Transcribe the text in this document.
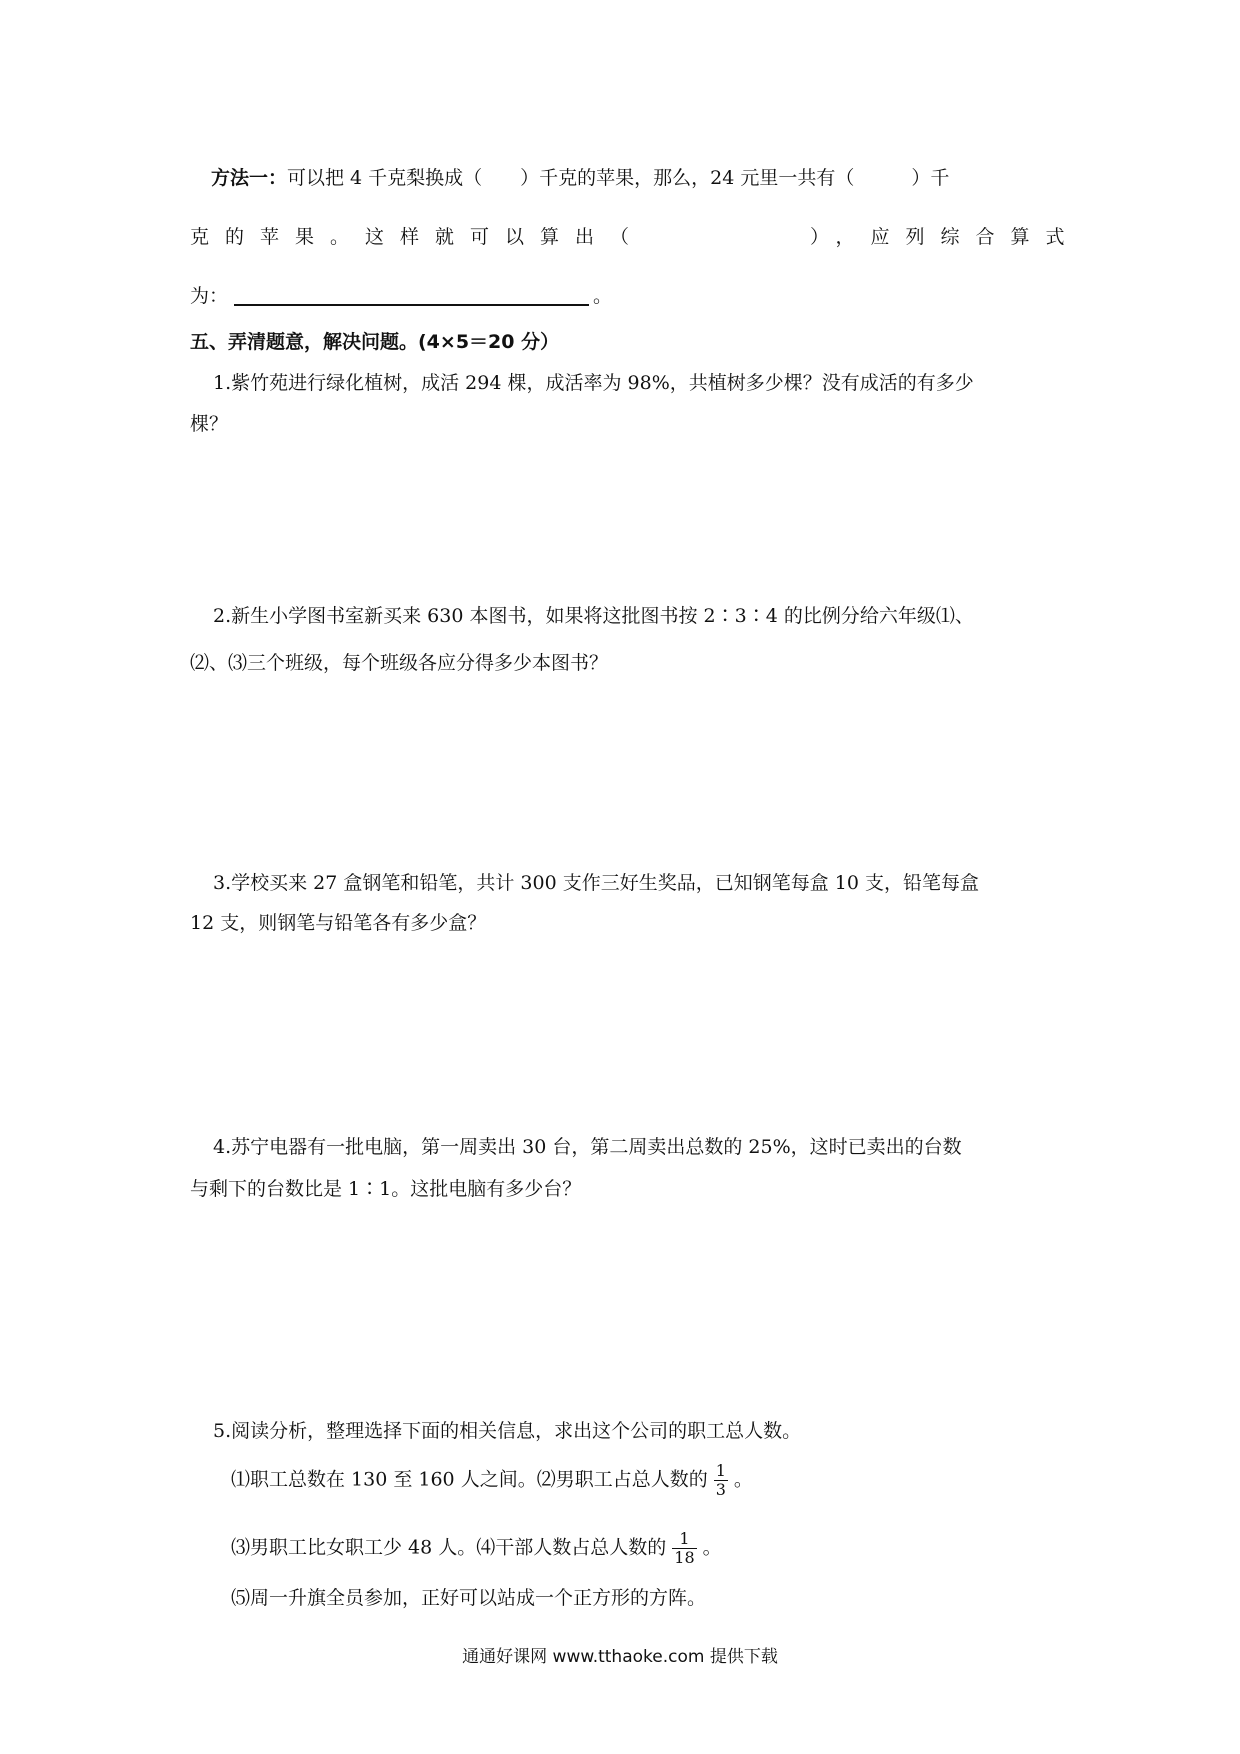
方法一：可以把 4 千克梨换成（　　）千克的苹果，那么，24 元里一共有（　　　）千
克的苹果。这样就可以算出（	），应列综合算式
为：	。
五、弄清题意，解决问题。(4×5＝20 分）
1.紫竹苑进行绿化植树，成活 294 棵，成活率为 98%，共植树多少棵？没有成活的有多少
棵？
2.新生小学图书室新买来 630 本图书，如果将这批图书按 2∶3∶4 的比例分给六年级⑴、
⑵、⑶三个班级，每个班级各应分得多少本图书？
3.学校买来 27 盒钢笔和铅笔，共计 300 支作三好生奖品，已知钢笔每盒 10 支，铅笔每盒
12 支，则钢笔与铅笔各有多少盒？
4.苏宁电器有一批电脑，第一周卖出 30 台，第二周卖出总数的 25%，这时已卖出的台数
与剩下的台数比是 1∶1。这批电脑有多少台？
5.阅读分析，整理选择下面的相关信息，求出这个公司的职工总人数。
⑴职工总数在 130 至 160 人之间。⑵男职工占总人数的 $\frac{1}{3}$ 。
⑶男职工比女职工少 48 人。⑷干部人数占总人数的 $\frac{1}{18}$ 。
⑸周一升旗全员参加，正好可以站成一个正方形的方阵。
通通好课网 www.tthaoke.com 提供下载
